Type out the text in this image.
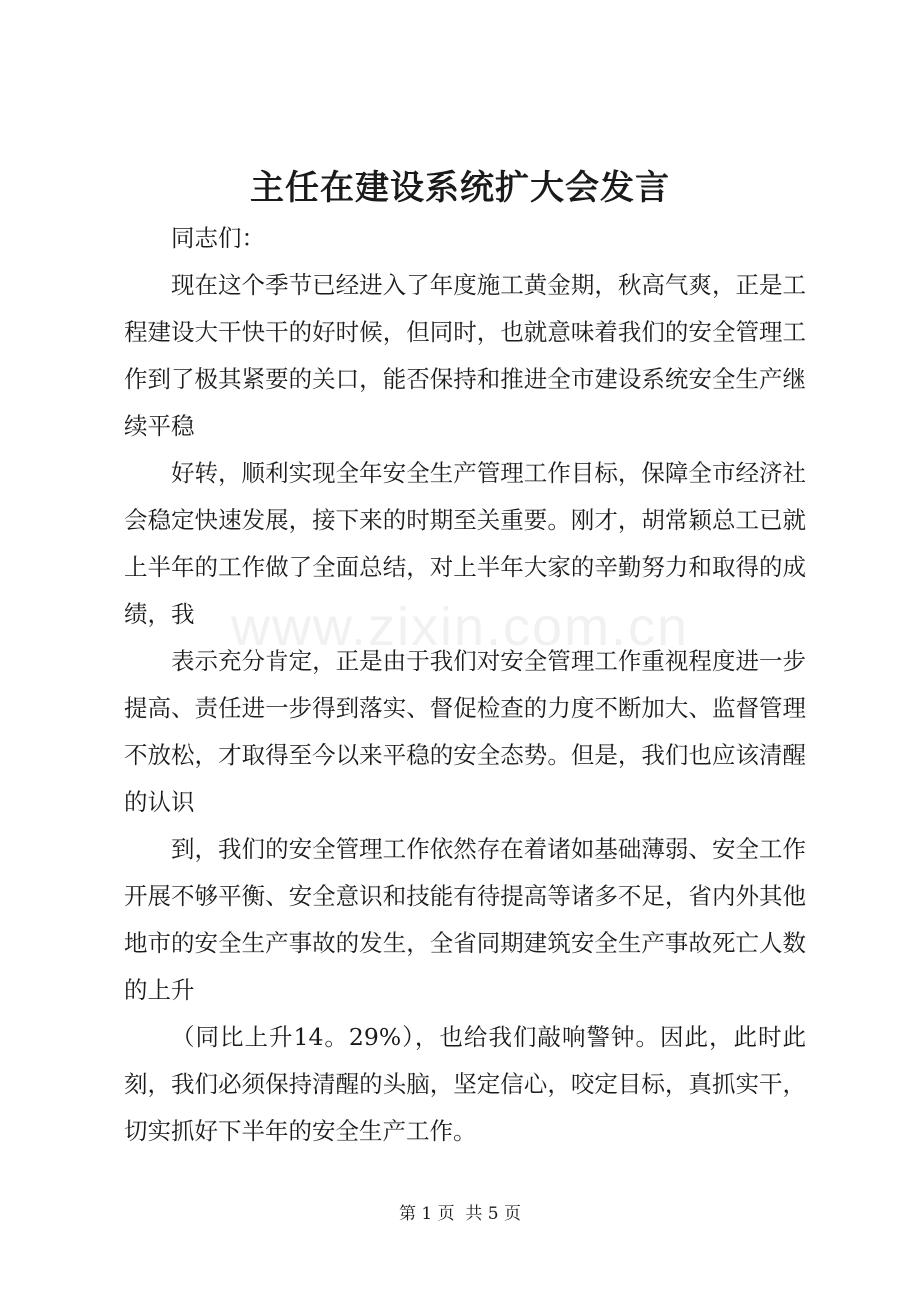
主任在建设系统扩大会发言

同志们：

现在这个季节已经进入了年度施工黄金期，秋高气爽，正是工程建设大干快干的好时候，但同时，也就意味着我们的安全管理工作到了极其紧要的关口，能否保持和推进全市建设系统安全生产继续平稳

好转，顺利实现全年安全生产管理工作目标，保障全市经济社会稳定快速发展，接下来的时期至关重要。刚才，胡常颖总工已就上半年的工作做了全面总结，对上半年大家的辛勤努力和取得的成绩，我

表示充分肯定，正是由于我们对安全管理工作重视程度进一步提高、责任进一步得到落实、督促检查的力度不断加大、监督管理不放松，才取得至今以来平稳的安全态势。但是，我们也应该清醒的认识

到，我们的安全管理工作依然存在着诸如基础薄弱、安全工作开展不够平衡、安全意识和技能有待提高等诸多不足，省内外其他地市的安全生产事故的发生，全省同期建筑安全生产事故死亡人数的上升

（同比上升14。29%），也给我们敲响警钟。因此，此时此刻，我们必须保持清醒的头脑，坚定信心，咬定目标，真抓实干，切实抓好下半年的安全生产工作。

www.zixin.com.cn
第 1 页  共 5 页
